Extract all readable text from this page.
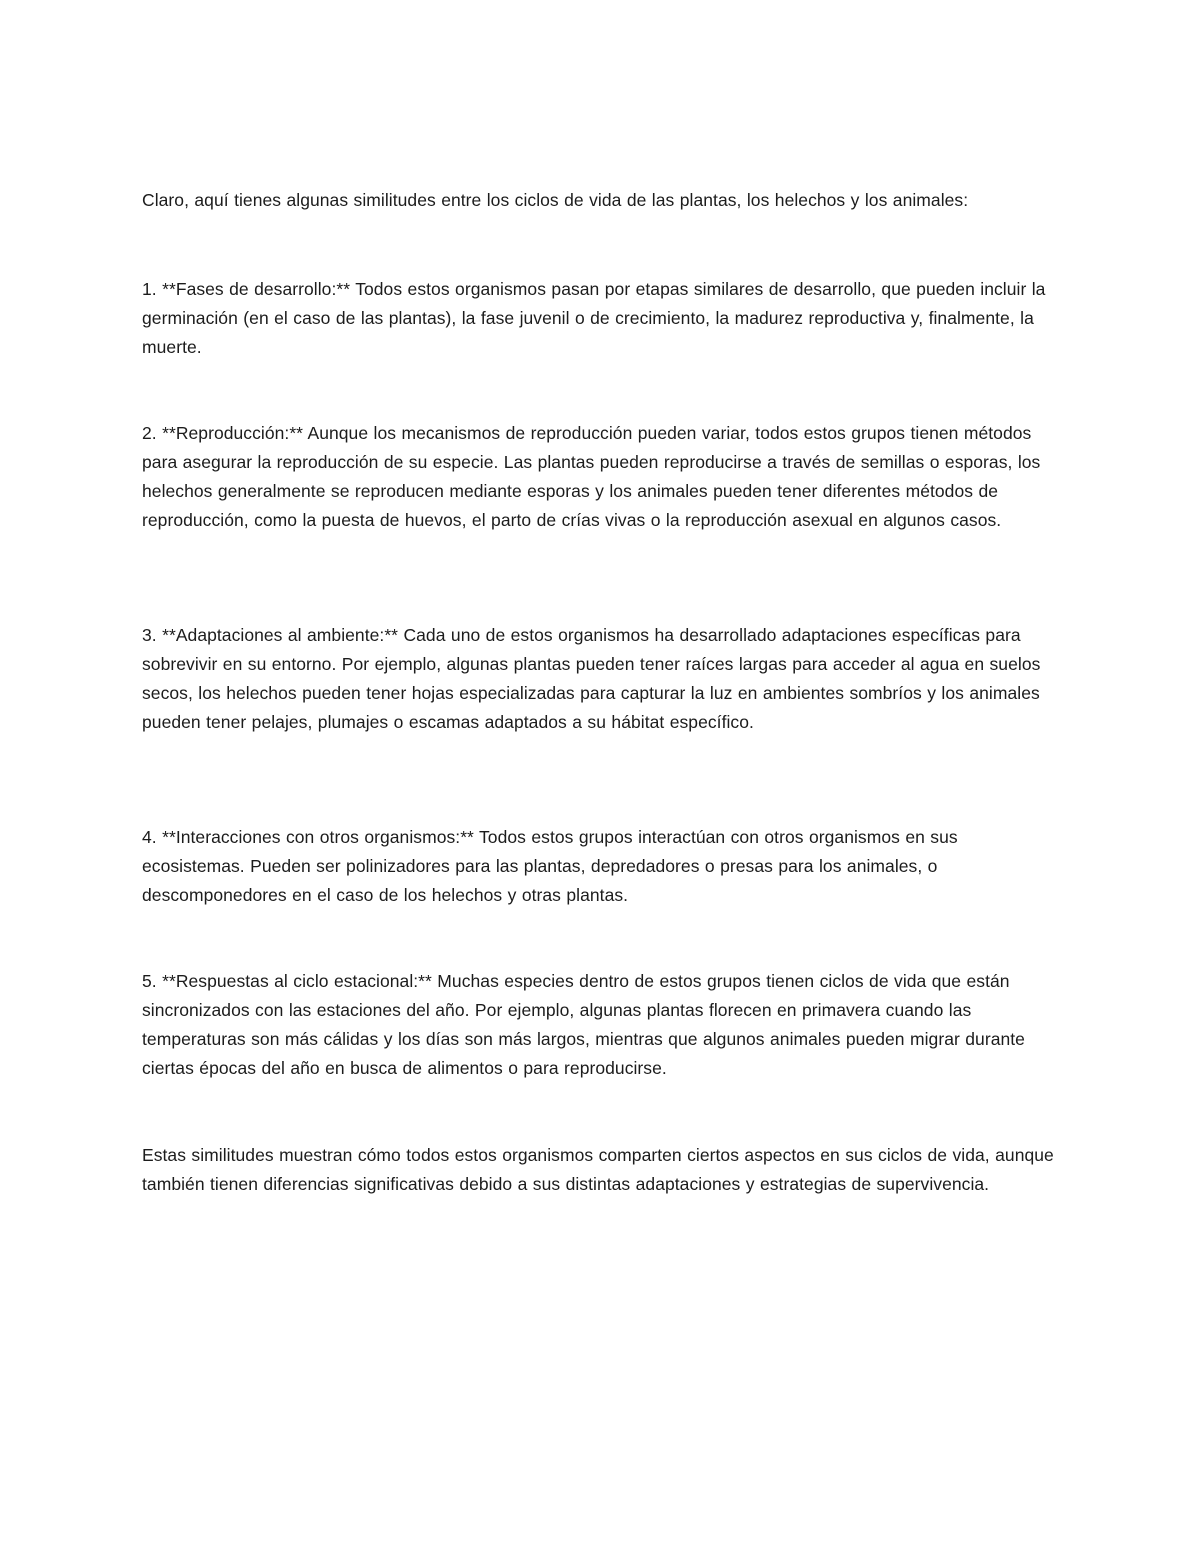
Claro, aquí tienes algunas similitudes entre los ciclos de vida de las plantas, los helechos y los animales:

1. **Fases de desarrollo:** Todos estos organismos pasan por etapas similares de desarrollo, que pueden incluir la germinación (en el caso de las plantas), la fase juvenil o de crecimiento, la madurez reproductiva y, finalmente, la muerte.

2. **Reproducción:** Aunque los mecanismos de reproducción pueden variar, todos estos grupos tienen métodos para asegurar la reproducción de su especie. Las plantas pueden reproducirse a través de semillas o esporas, los helechos generalmente se reproducen mediante esporas y los animales pueden tener diferentes métodos de reproducción, como la puesta de huevos, el parto de crías vivas o la reproducción asexual en algunos casos.

3. **Adaptaciones al ambiente:** Cada uno de estos organismos ha desarrollado adaptaciones específicas para sobrevivir en su entorno. Por ejemplo, algunas plantas pueden tener raíces largas para acceder al agua en suelos secos, los helechos pueden tener hojas especializadas para capturar la luz en ambientes sombríos y los animales pueden tener pelajes, plumajes o escamas adaptados a su hábitat específico.

4. **Interacciones con otros organismos:** Todos estos grupos interactúan con otros organismos en sus ecosistemas. Pueden ser polinizadores para las plantas, depredadores o presas para los animales, o descomponedores en el caso de los helechos y otras plantas.

5. **Respuestas al ciclo estacional:** Muchas especies dentro de estos grupos tienen ciclos de vida que están sincronizados con las estaciones del año. Por ejemplo, algunas plantas florecen en primavera cuando las temperaturas son más cálidas y los días son más largos, mientras que algunos animales pueden migrar durante ciertas épocas del año en busca de alimentos o para reproducirse.

Estas similitudes muestran cómo todos estos organismos comparten ciertos aspectos en sus ciclos de vida, aunque también tienen diferencias significativas debido a sus distintas adaptaciones y estrategias de supervivencia.
